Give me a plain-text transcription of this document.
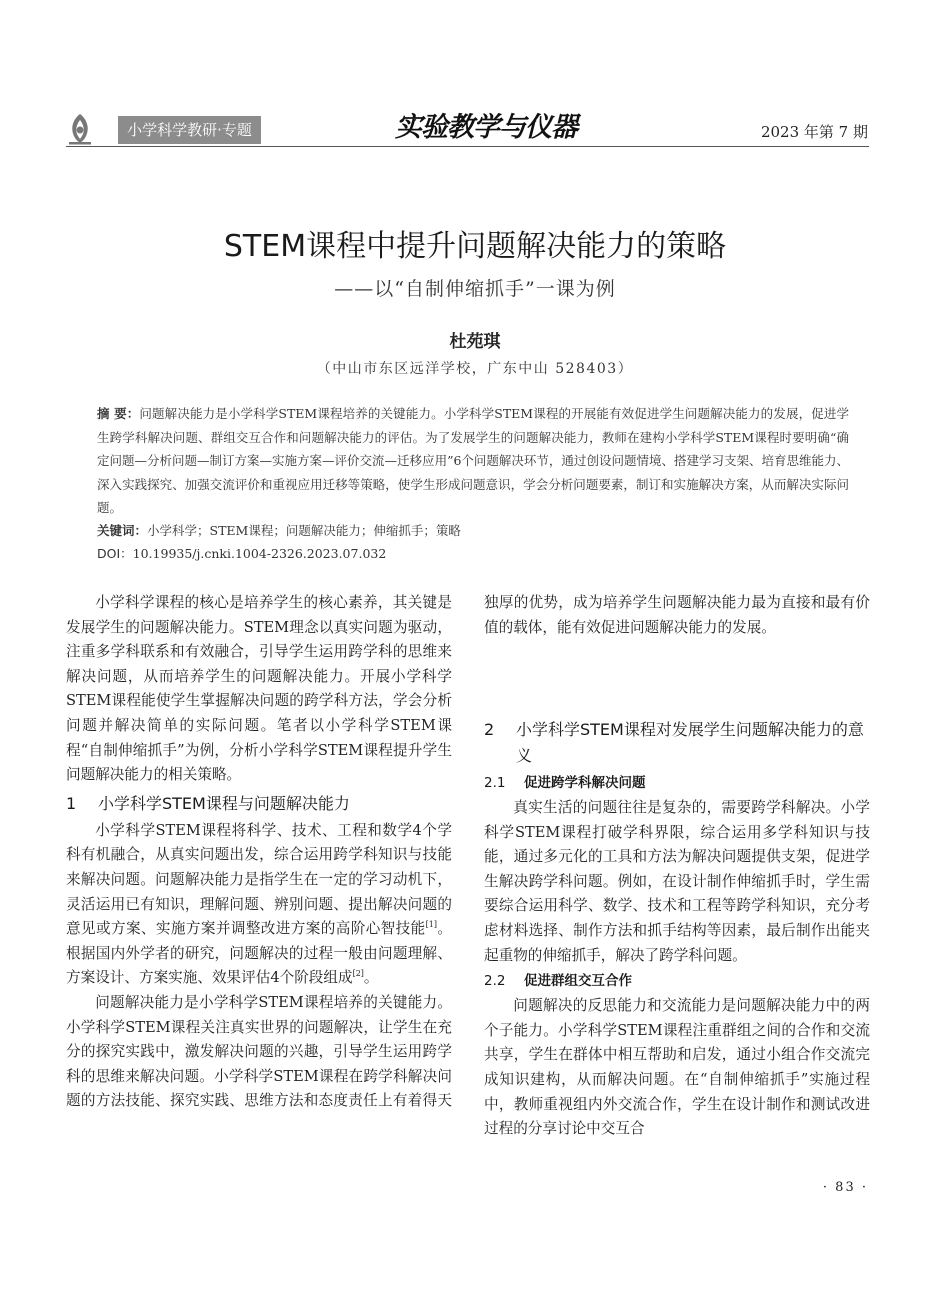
小学科学教研·专题	实验教学与仪器	2023 年第 7 期
STEM课程中提升问题解决能力的策略
——以“自制伸缩抓手”一课为例
杜苑琪
（中山市东区远洋学校，广东中山 528403）
摘 要：问题解决能力是小学科学STEM课程培养的关键能力。小学科学STEM课程的开展能有效促进学生问题解决能力的发展，促进学生跨学科解决问题、群组交互合作和问题解决能力的评估。为了发展学生的问题解决能力，教师在建构小学科学STEM课程时要明确“确定问题—分析问题—制订方案—实施方案—评价交流—迁移应用”6个问题解决环节，通过创设问题情境、搭建学习支架、培育思维能力、深入实践探究、加强交流评价和重视应用迁移等策略，使学生形成问题意识，学会分析问题要素，制订和实施解决方案，从而解决实际问题。
关键词：小学科学；STEM课程；问题解决能力；伸缩抓手；策略
DOI：10.19935/j.cnki.1004-2326.2023.07.032

小学科学课程的核心是培养学生的核心素养，其关键是发展学生的问题解决能力。STEM理念以真实问题为驱动，注重多学科联系和有效融合，引导学生运用跨学科的思维来解决问题，从而培养学生的问题解决能力。开展小学科学STEM课程能使学生掌握解决问题的跨学科方法，学会分析问题并解决简单的实际问题。笔者以小学科学STEM课程“自制伸缩抓手”为例，分析小学科学STEM课程提升学生问题解决能力的相关策略。

1	小学科学STEM课程与问题解决能力

小学科学STEM课程将科学、技术、工程和数学4个学科有机融合，从真实问题出发，综合运用跨学科知识与技能来解决问题。问题解决能力是指学生在一定的学习动机下，灵活运用已有知识，理解问题、辨别问题、提出解决问题的意见或方案、实施方案并调整改进方案的高阶心智技能[1]。根据国内外学者的研究，问题解决的过程一般由问题理解、方案设计、方案实施、效果评估4个阶段组成[2]。

问题解决能力是小学科学STEM课程培养的关键能力。小学科学STEM课程关注真实世界的问题解决，让学生在充分的探究实践中，激发解决问题的兴趣，引导学生运用跨学科的思维来解决问题。小学科学STEM课程在跨学科解决问题的方法技能、探究实践、思维方法和态度责任上有着得天

独厚的优势，成为培养学生问题解决能力最为直接和最有价值的载体，能有效促进问题解决能力的发展。

2	小学科学STEM课程对发展学生问题解决能力的意义
2.1	促进跨学科解决问题

真实生活的问题往往是复杂的，需要跨学科解决。小学科学STEM课程打破学科界限，综合运用多学科知识与技能，通过多元化的工具和方法为解决问题提供支架，促进学生解决跨学科问题。例如，在设计制作伸缩抓手时，学生需要综合运用科学、数学、技术和工程等跨学科知识，充分考虑材料选择、制作方法和抓手结构等因素，最后制作出能夹起重物的伸缩抓手，解决了跨学科问题。

2.2	促进群组交互合作

问题解决的反思能力和交流能力是问题解决能力中的两个子能力。小学科学STEM课程注重群组之间的合作和交流共享，学生在群体中相互帮助和启发，通过小组合作交流完成知识建构，从而解决问题。在“自制伸缩抓手”实施过程中，教师重视组内外交流合作，学生在设计制作和测试改进过程的分享讨论中交互合

· 83 ·
